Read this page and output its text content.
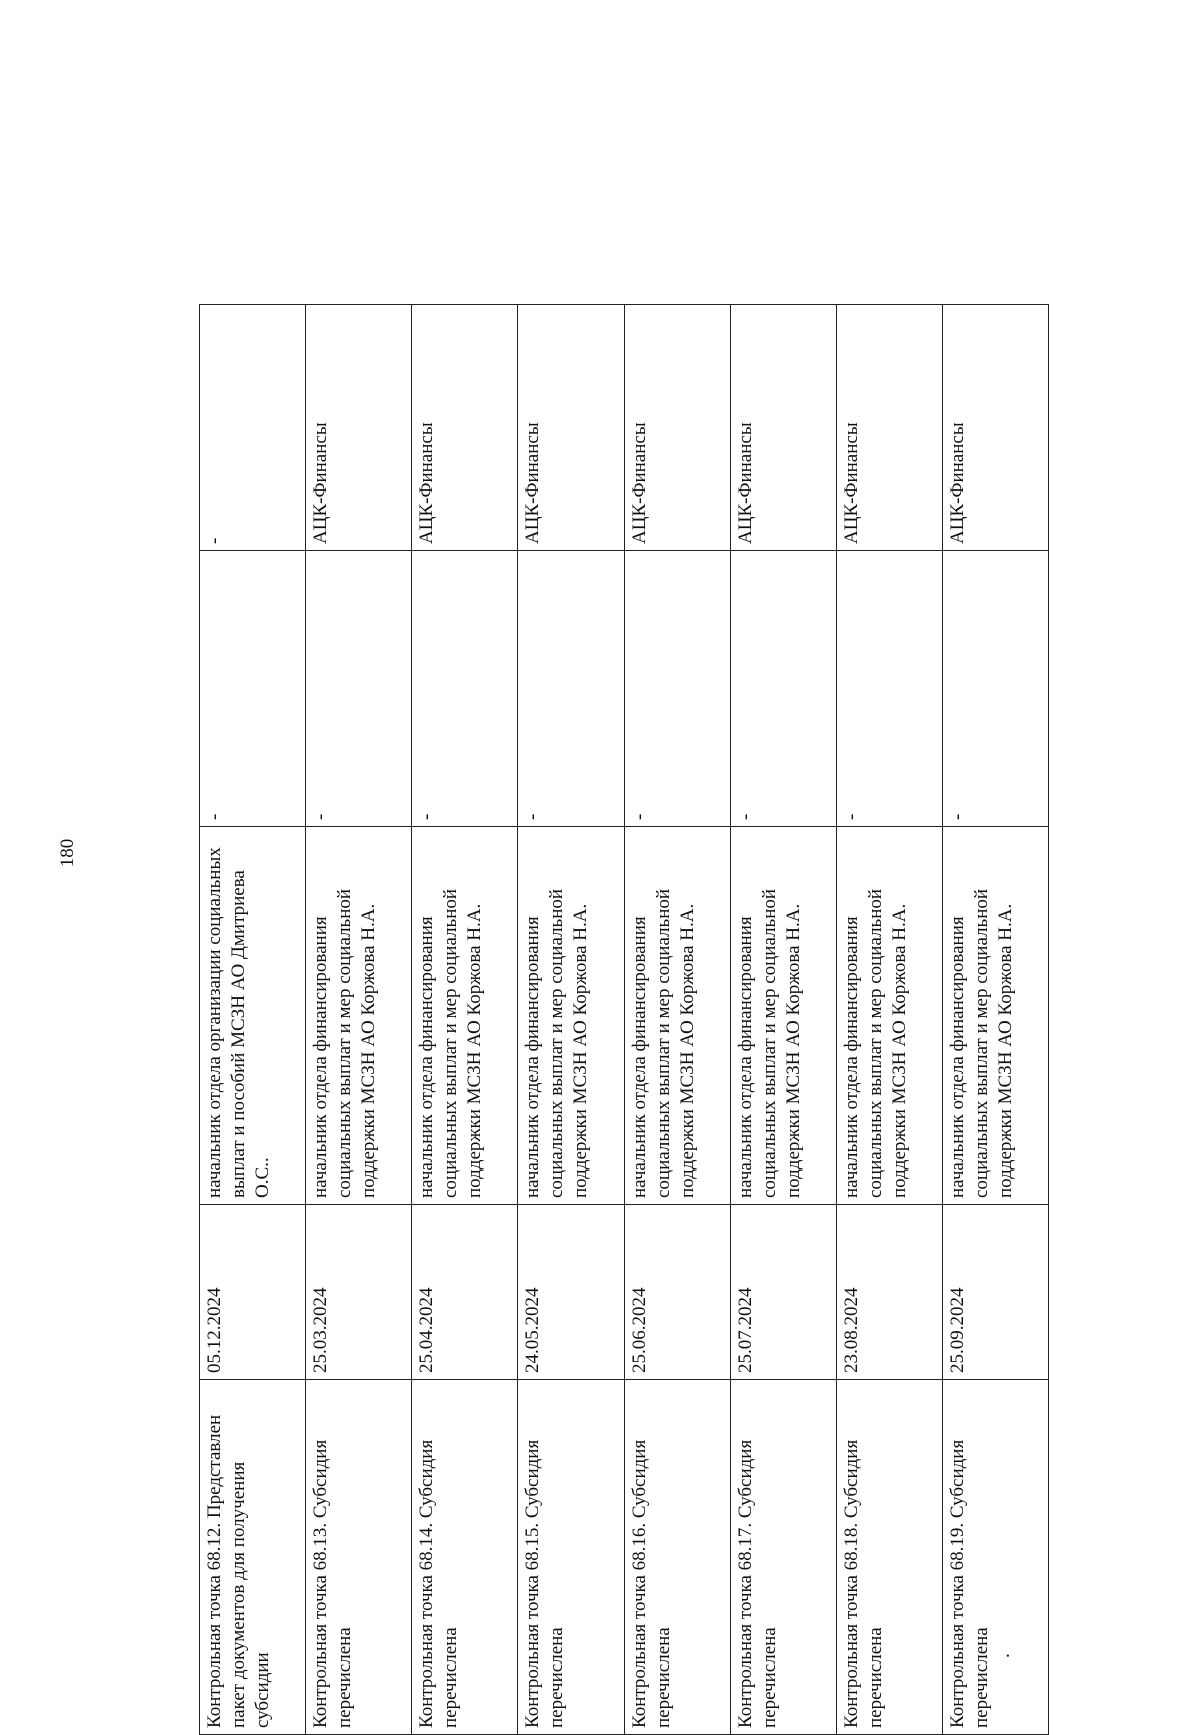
180
Контрольная точка 68.12. Представлен пакет документов для получения субсидии	05.12.2024	начальник отдела организации социальных выплат и пособий МСЗН АО Дмитриева О.С..	-	-
Контрольная точка 68.13. Субсидия перечислена	25.03.2024	начальник отдела финансирования социальных выплат и мер социальной поддержки МСЗН АО Коржова Н.А.	-	АЦК-Финансы
Контрольная точка 68.14. Субсидия перечислена	25.04.2024	начальник отдела финансирования социальных выплат и мер социальной поддержки МСЗН АО Коржова Н.А.	-	АЦК-Финансы
Контрольная точка 68.15. Субсидия перечислена	24.05.2024	начальник отдела финансирования социальных выплат и мер социальной поддержки МСЗН АО Коржова Н.А.	-	АЦК-Финансы
Контрольная точка 68.16. Субсидия перечислена	25.06.2024	начальник отдела финансирования социальных выплат и мер социальной поддержки МСЗН АО Коржова Н.А.	-	АЦК-Финансы
Контрольная точка 68.17. Субсидия перечислена	25.07.2024	начальник отдела финансирования социальных выплат и мер социальной поддержки МСЗН АО Коржова Н.А.	-	АЦК-Финансы
Контрольная точка 68.18. Субсидия перечислена	23.08.2024	начальник отдела финансирования социальных выплат и мер социальной поддержки МСЗН АО Коржова Н.А.	-	АЦК-Финансы
Контрольная точка 68.19. Субсидия перечислена .	25.09.2024	начальник отдела финансирования социальных выплат и мер социальной поддержки МСЗН АО Коржова Н.А.	-	АЦК-Финансы
